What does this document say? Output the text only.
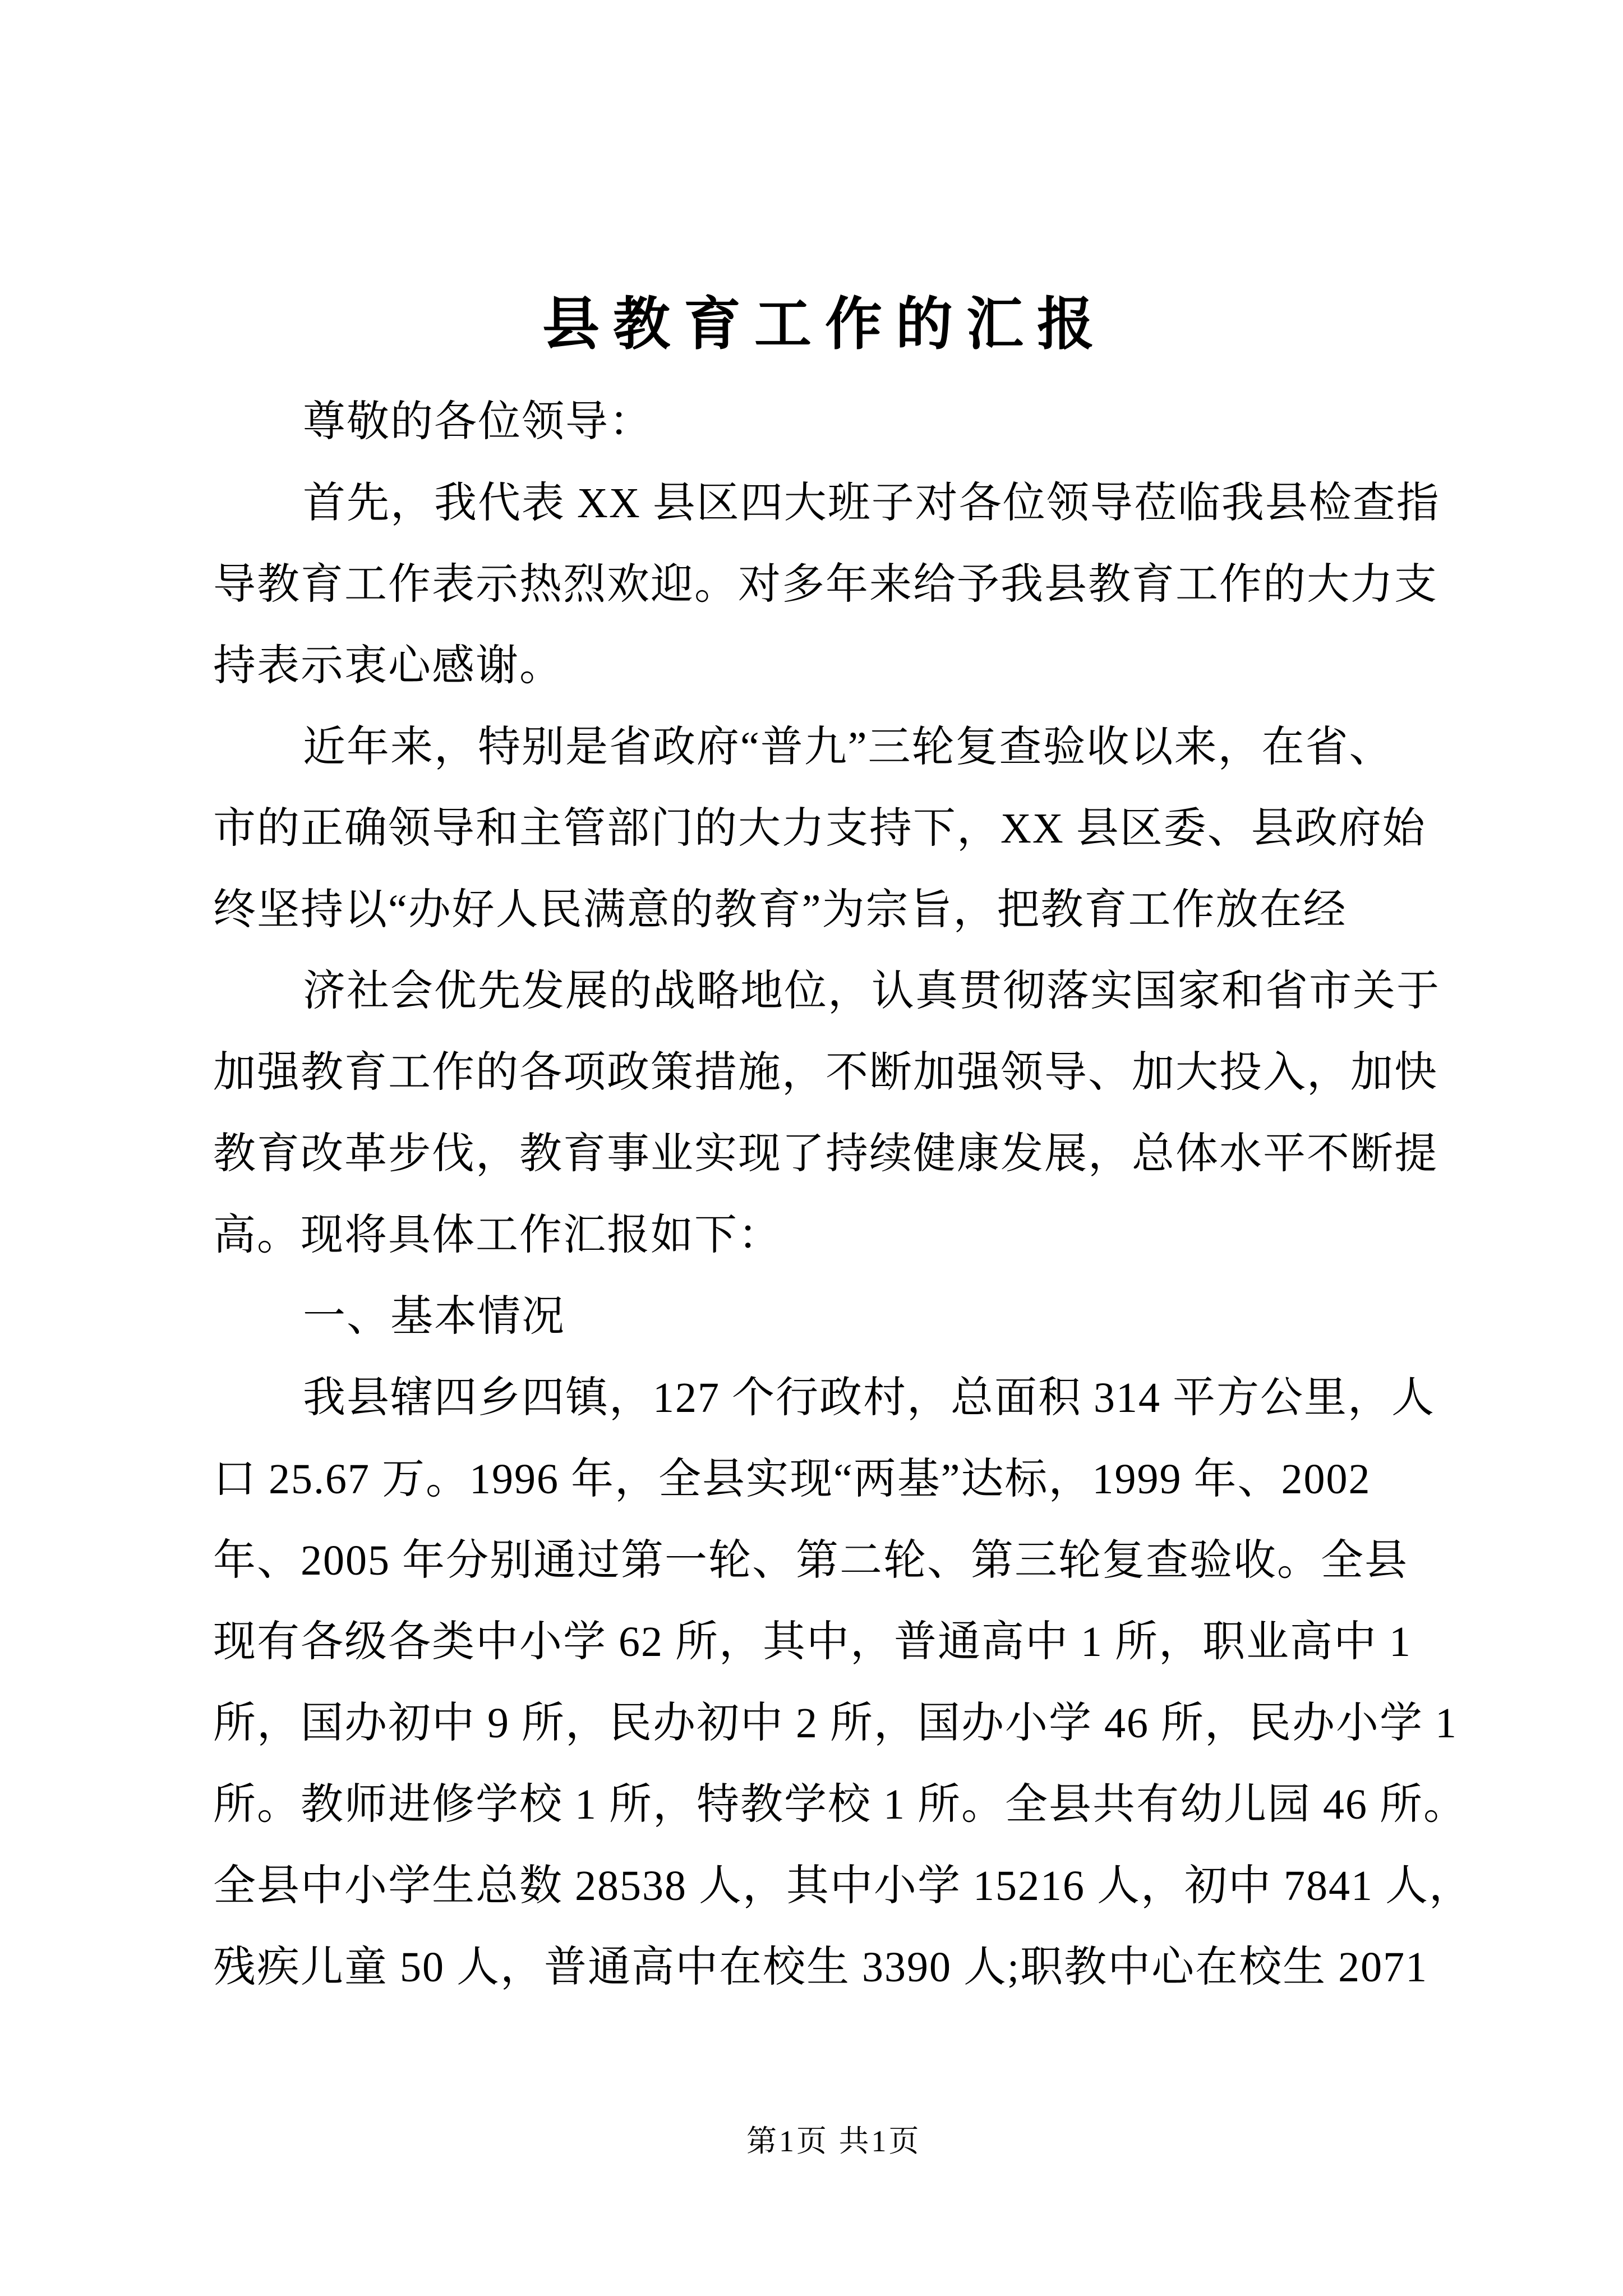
县教育工作的汇报
尊敬的各位领导：
首先，我代表 XX 县区四大班子对各位领导莅临我县检查指
导教育工作表示热烈欢迎。对多年来给予我县教育工作的大力支
持表示衷心感谢。
近年来，特别是省政府“普九”三轮复查验收以来，在省、
市的正确领导和主管部门的大力支持下，XX 县区委、县政府始
终坚持以“办好人民满意的教育”为宗旨，把教育工作放在经
济社会优先发展的战略地位，认真贯彻落实国家和省市关于
加强教育工作的各项政策措施，不断加强领导、加大投入，加快
教育改革步伐，教育事业实现了持续健康发展，总体水平不断提
高。现将具体工作汇报如下：
一、基本情况
我县辖四乡四镇，127 个行政村，总面积 314 平方公里，人
口 25.67 万。1996 年，全县实现“两基”达标，1999 年、2002
年、2005 年分别通过第一轮、第二轮、第三轮复查验收。全县
现有各级各类中小学 62 所，其中，普通高中 1 所，职业高中 1
所，国办初中 9 所，民办初中 2 所，国办小学 46 所，民办小学 1
所。教师进修学校 1 所，特教学校 1 所。全县共有幼儿园 46 所。
全县中小学生总数 28538 人，其中小学 15216 人，初中 7841 人，
残疾儿童 50 人，普通高中在校生 3390 人;职教中心在校生 2071
第1页 共1页
